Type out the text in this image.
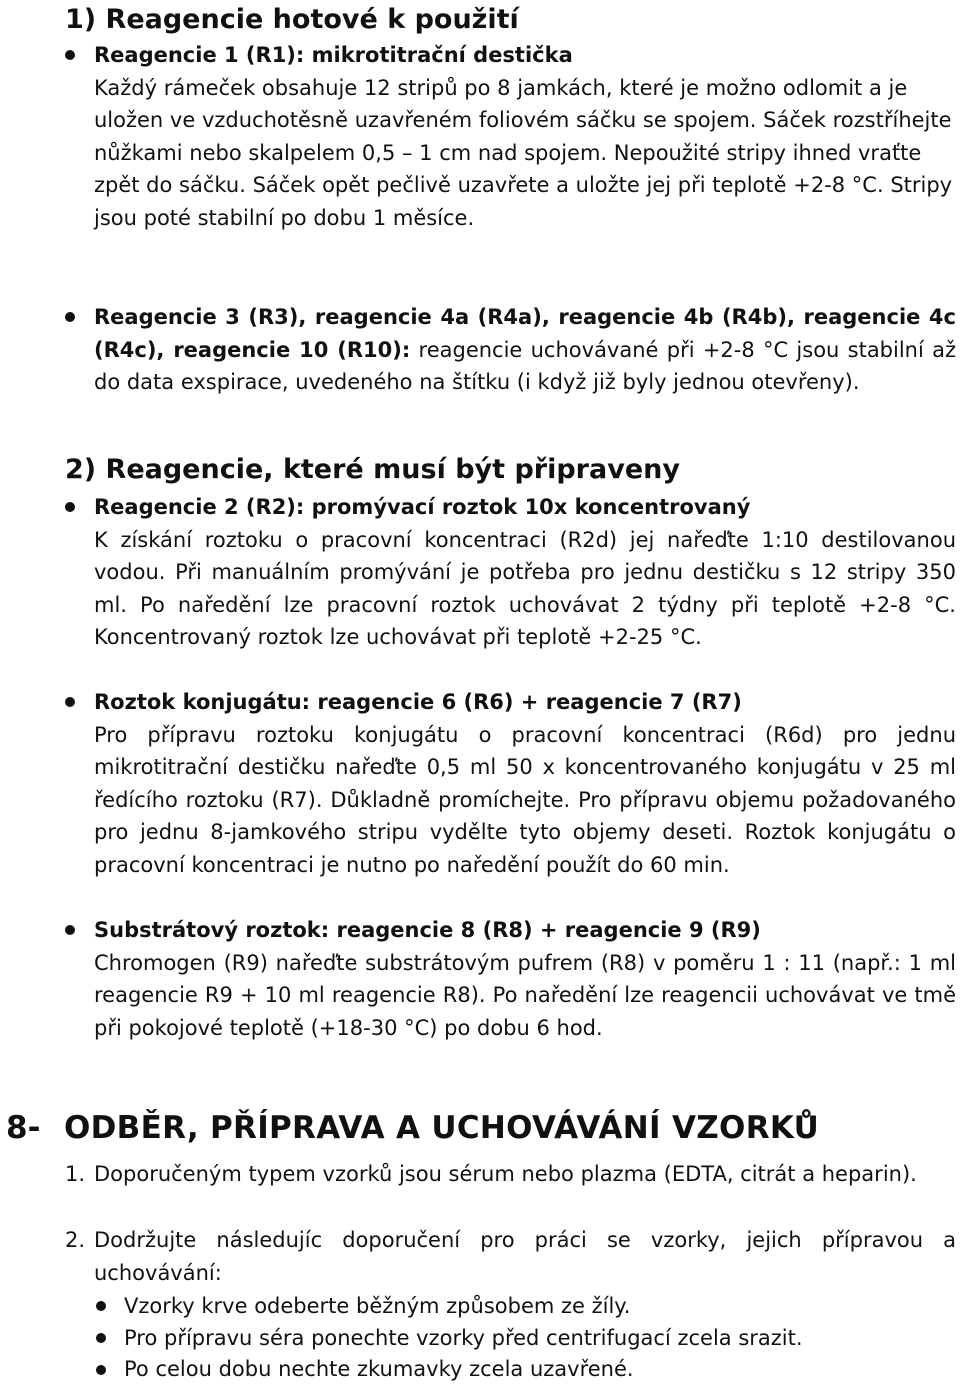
1) Reagencie hotové k použití
Reagencie 1 (R1): mikrotitrační destička
Každý rámeček obsahuje 12 stripů po 8 jamkách, které je možno odlomit a je uložen ve vzduchotěsně uzavřeném foliovém sáčku se spojem. Sáček rozstříhejte nůžkami nebo skalpelem 0,5 – 1 cm nad spojem. Nepoužité stripy ihned vraťte zpět do sáčku. Sáček opět pečlivě uzavřete a uložte jej při teplotě +2-8 °C. Stripy jsou poté stabilní po dobu 1 měsíce.
Reagencie 3 (R3), reagencie 4a (R4a), reagencie 4b (R4b), reagencie 4c (R4c), reagencie 10 (R10): reagencie uchovávané při +2-8 °C jsou stabilní až do data exspirace, uvedeného na štítku (i když již byly jednou otevřeny).
2) Reagencie, které musí být připraveny
Reagencie 2 (R2): promývací roztok 10x koncentrovaný
K získání roztoku o pracovní koncentraci (R2d) jej nařeďte 1:10 destilovanou vodou. Při manuálním promývání je potřeba pro jednu destičku s 12 stripy 350 ml. Po naředění lze pracovní roztok uchovávat 2 týdny při teplotě +2-8 °C. Koncentrovaný roztok lze uchovávat při teplotě +2-25 °C.
Roztok konjugátu: reagencie 6 (R6) + reagencie 7 (R7)
Pro přípravu roztoku konjugátu o pracovní koncentraci (R6d) pro jednu mikrotitrační destičku nařeďte 0,5 ml 50 x koncentrovaného konjugátu v 25 ml ředícího roztoku (R7). Důkladně promíchejte. Pro přípravu objemu požadovaného pro jednu 8-jamkového stripu vydělte tyto objemy deseti. Roztok konjugátu o pracovní koncentraci je nutno po naředění použít do 60 min.
Substrátový roztok: reagencie 8 (R8) + reagencie 9 (R9)
Chromogen (R9) nařeďte substrátovým pufrem (R8) v poměru 1 : 11 (např.: 1 ml reagencie R9 + 10 ml reagencie R8). Po naředění lze reagencii uchovávat ve tmě při pokojové teplotě (+18-30 °C) po dobu 6 hod.
8- ODBĚR, PŘÍPRAVA A UCHOVÁVÁNÍ VZORKŮ
1. Doporučeným typem vzorků jsou sérum nebo plazma (EDTA, citrát a heparin).
2. Dodržujte následujíc doporučení pro práci se vzorky, jejich přípravou a uchovávání:
Vzorky krve odeberte běžným způsobem ze žíly.
Pro přípravu séra ponechte vzorky před centrifugací zcela srazit.
Po celou dobu nechte zkumavky zcela uzavřené.
